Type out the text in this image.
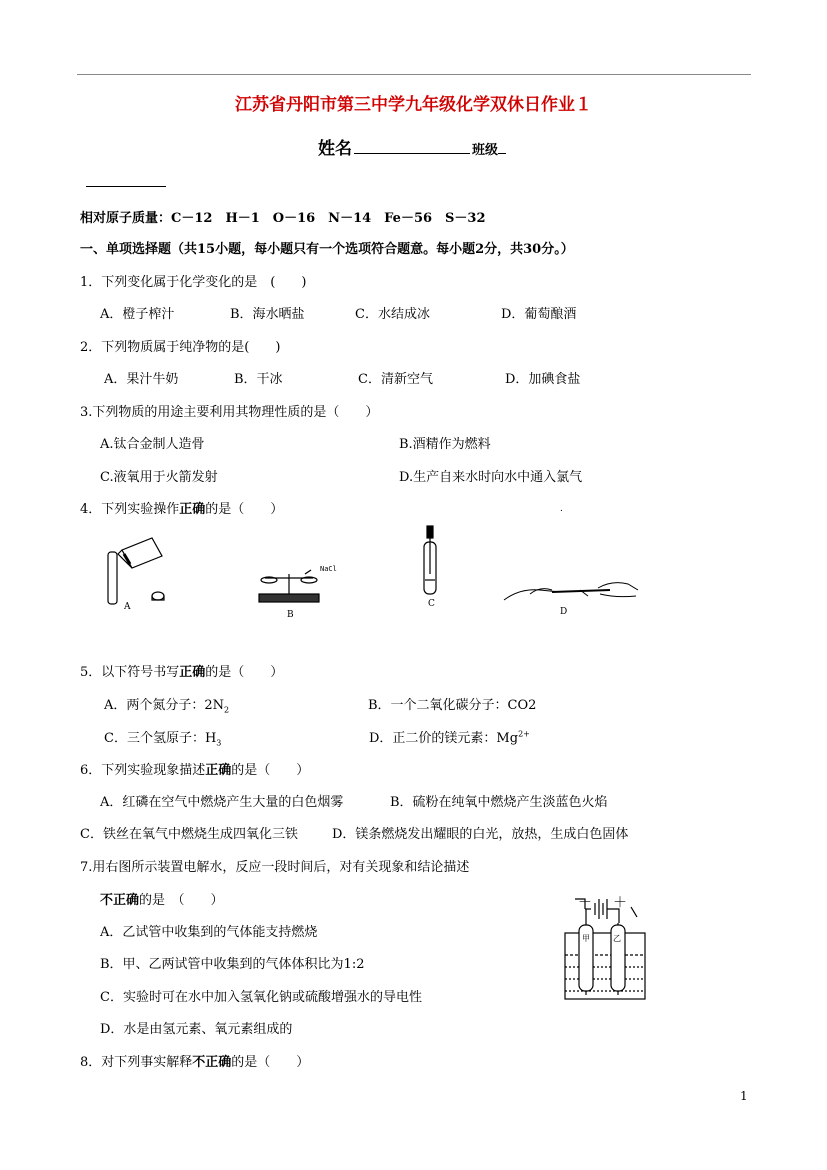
江苏省丹阳市第三中学九年级化学双休日作业１
姓名	班级
相对原子质量：C－12　H－1　O－16　N－14　Fe－56　S－32
一、单项选择题（共15小题，每小题只有一个选项符合题意。每小题2分，共30分。）
1．下列变化属于化学变化的是　(　　)
A．橙子榨汁	B．海水晒盐	C．水结成冰	D．葡萄酿酒
2．下列物质属于纯净物的是(　　)
A．果汁牛奶	B．干冰	C．清新空气	D．加碘食盐
3.下列物质的用途主要利用其物理性质的是（　　）
A.钛合金制人造骨	B.酒精作为燃料
C.液氧用于火箭发射	D.生产自来水时向水中通入氯气
4．下列实验操作正确的是（　　）	.
A
NaCl
B
C
D
5．以下符号书写正确的是（　　）
A．两个氮分子：$2N_2$	B．一个二氧化碳分子：CO2
C．三个氢原子：$H_3$	D．正二价的镁元素：$Mg^{2+}$
6．下列实验现象描述正确的是（　　）
A．红磷在空气中燃烧产生大量的白色烟雾	B．硫粉在纯氧中燃烧产生淡蓝色火焰
C．铁丝在氧气中燃烧生成四氧化三铁	D．镁条燃烧发出耀眼的白光，放热，生成白色固体
7.用右图所示装置电解水，反应一段时间后，对有关现象和结论描述
不正确的是　（　　）
A．乙试管中收集到的气体能支持燃烧
B．甲、乙两试管中收集到的气体体积比为1:2
C．实验时可在水中加入氢氧化钠或硫酸增强水的导电性
D．水是由氢元素、氧元素组成的
－ ＋
甲	乙
8．对下列事实解释不正确的是（　　）
1
